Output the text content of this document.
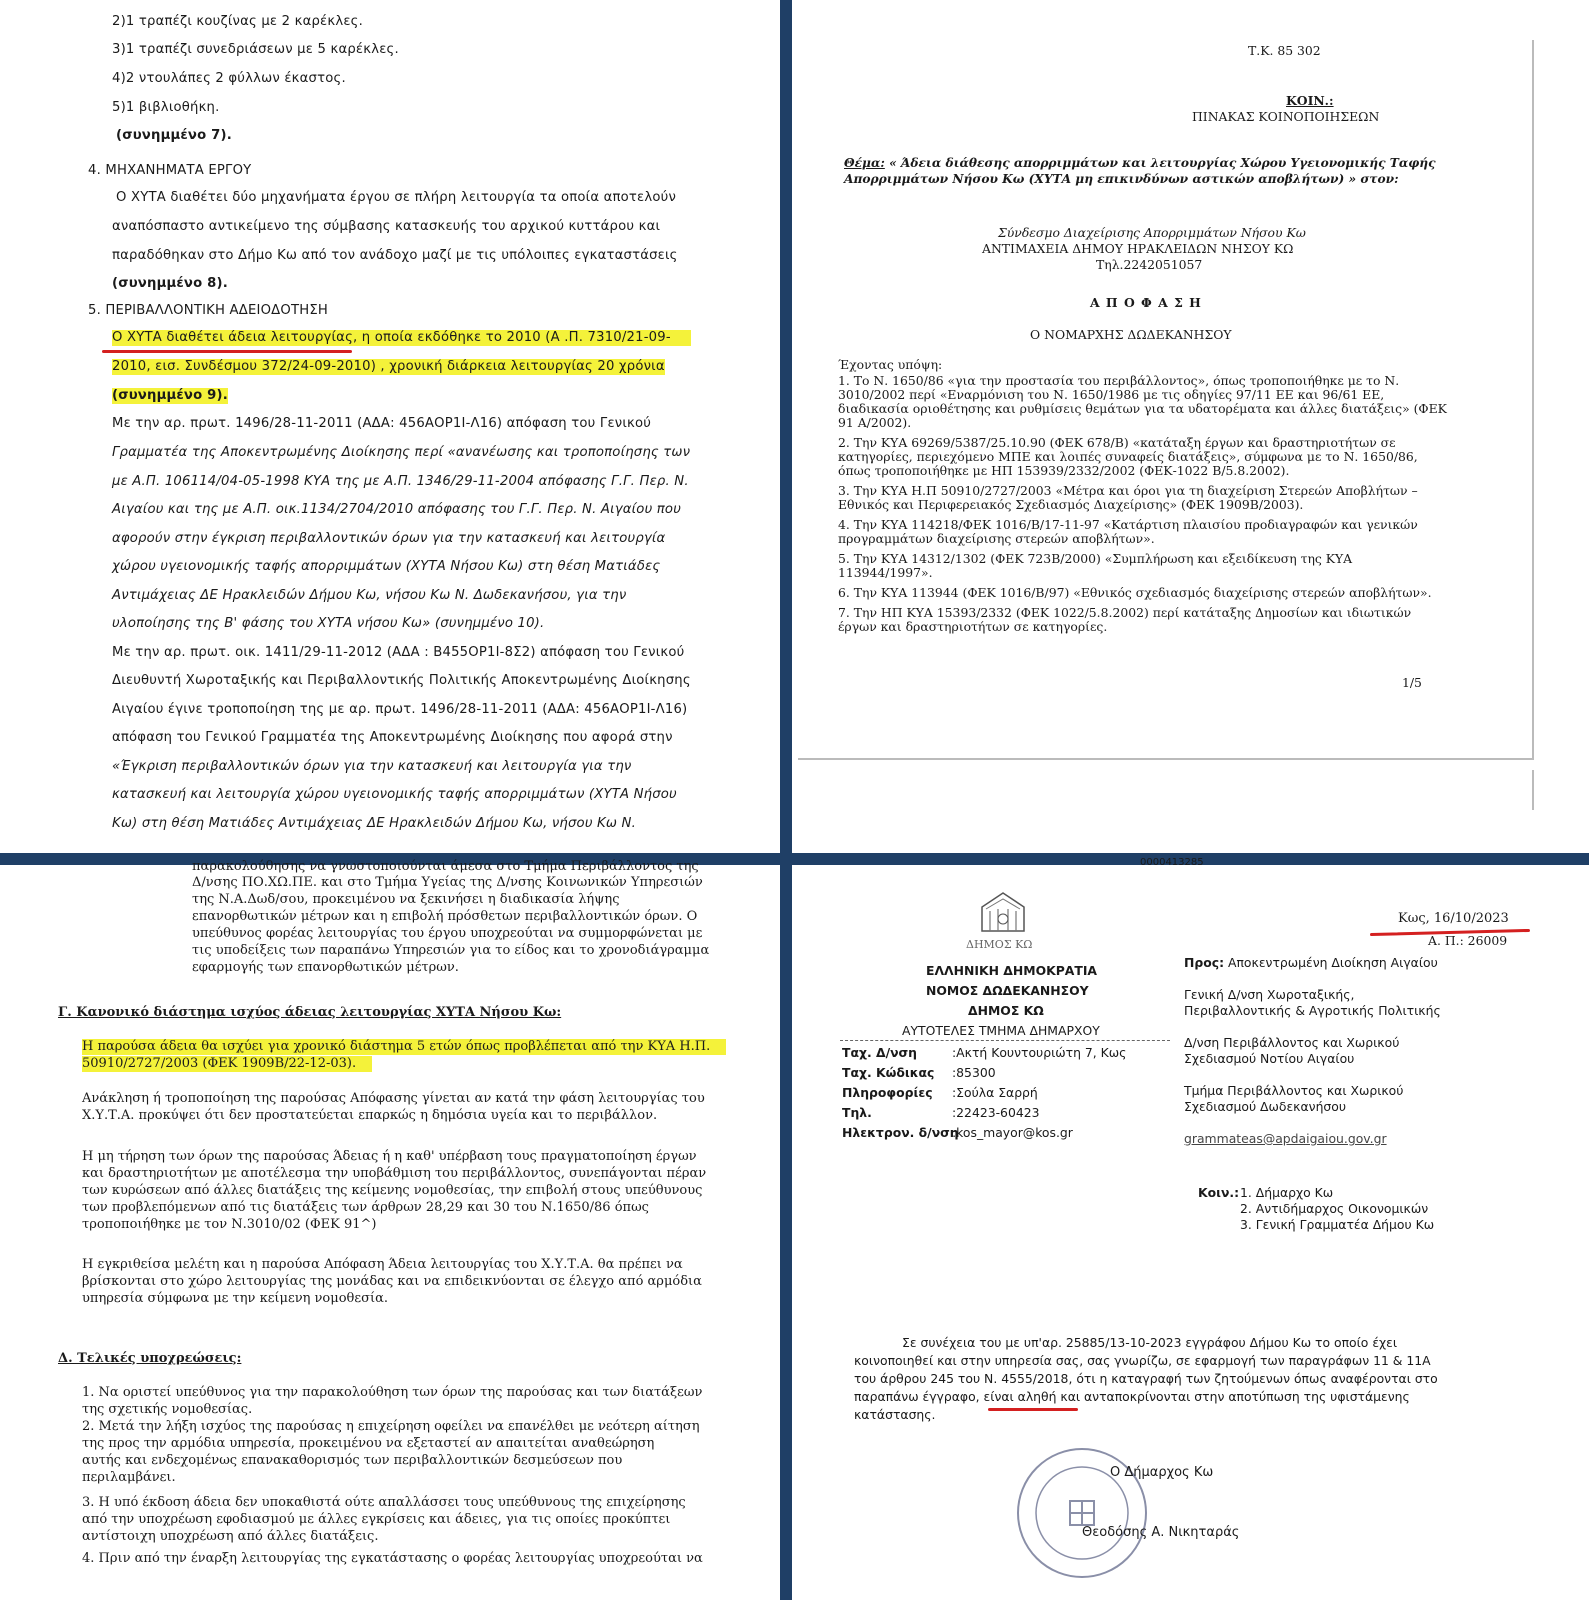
2)1 τραπέζι κουζίνας με 2 καρέκλες.
3)1 τραπέζι συνεδριάσεων με 5 καρέκλες.
4)2 ντουλάπες 2 φύλλων έκαστος.
5)1 βιβλιοθήκη.
(συνημμένο 7).
4. ΜΗΧΑΝΗΜΑΤΑ ΕΡΓΟΥ
Ο ΧΥΤΑ διαθέτει δύο μηχανήματα έργου σε πλήρη λειτουργία τα οποία αποτελούν
αναπόσπαστο αντικείμενο της σύμβασης κατασκευής του αρχικού κυττάρου και
παραδόθηκαν στο Δήμο Κω από τον ανάδοχο μαζί με τις υπόλοιπες εγκαταστάσεις
(συνημμένο 8).
5. ΠΕΡΙΒΑΛΛΟΝΤΙΚΗ ΑΔΕΙΟΔΟΤΗΣΗ
Ο ΧΥΤΑ διαθέτει άδεια λειτουργίας, η οποία εκδόθηκε το 2010 (Α .Π. 7310/21-09-
2010, εισ. Συνδέσμου 372/24-09-2010) , χρονική διάρκεια λειτουργίας 20 χρόνια
(συνημμένο 9).
Με την αρ. πρωτ. 1496/28-11-2011 (ΑΔΑ: 456ΑΟΡ1Ι-Λ16) απόφαση του Γενικού
Γραμματέα της Αποκεντρωμένης Διοίκησης περί «ανανέωσης και τροποποίησης των
με Α.Π. 106114/04-05-1998 ΚΥΑ της με Α.Π. 1346/29-11-2004 απόφασης Γ.Γ. Περ. Ν.
Αιγαίου και της με Α.Π. οικ.1134/2704/2010 απόφασης του Γ.Γ. Περ. Ν. Αιγαίου που
αφορούν στην έγκριση περιβαλλοντικών όρων για την κατασκευή και λειτουργία
χώρου υγειονομικής ταφής απορριμμάτων (ΧΥΤΑ Νήσου Κω) στη θέση Ματιάδες
Αντιμάχειας ΔΕ Ηρακλειδών Δήμου Κω, νήσου Κω Ν. Δωδεκανήσου, για την
υλοποίησης της Β' φάσης του ΧΥΤΑ νήσου Κω» (συνημμένο 10).
Με την αρ. πρωτ. οικ. 1411/29-11-2012 (ΑΔΑ : Β455ΟΡ1Ι-8Σ2) απόφαση του Γενικού
Διευθυντή Χωροταξικής και Περιβαλλοντικής Πολιτικής Αποκεντρωμένης Διοίκησης
Αιγαίου έγινε τροποποίηση της με αρ. πρωτ. 1496/28-11-2011 (ΑΔΑ: 456ΑΟΡ1Ι-Λ16)
απόφαση του Γενικού Γραμματέα της Αποκεντρωμένης Διοίκησης που αφορά στην
«Έγκριση περιβαλλοντικών όρων για την κατασκευή και λειτουργία για την
κατασκευή και λειτουργία χώρου υγειονομικής ταφής απορριμμάτων (ΧΥΤΑ Νήσου
Κω) στη θέση Ματιάδες Αντιμάχειας ΔΕ Ηρακλειδών Δήμου Κω, νήσου Κω Ν.
Τ.Κ. 85 302
ΚΟΙΝ.:
ΠΙΝΑΚΑΣ ΚΟΙΝΟΠΟΙΗΣΕΩΝ
Θέμα: « Άδεια διάθεσης απορριμμάτων και λειτουργίας Χώρου Υγειονομικής Ταφής
Απορριμμάτων Νήσου Κω (ΧΥΤΑ μη επικινδύνων αστικών αποβλήτων) » στον:
Σύνδεσμο Διαχείρισης Απορριμμάτων Νήσου Κω
ΑΝΤΙΜΑΧΕΙΑ ΔΗΜΟΥ ΗΡΑΚΛΕΙΔΩΝ ΝΗΣΟΥ ΚΩ
Τηλ.2242051057
Α Π Ο Φ Α Σ Η
Ο ΝΟΜΑΡΧΗΣ ΔΩΔΕΚΑΝΗΣΟΥ
Έχοντας υπόψη:
1. Το Ν. 1650/86 «για την προστασία του περιβάλλοντος», όπως τροποποιήθηκε με το Ν.
3010/2002 περί «Εναρμόνιση του Ν. 1650/1986 με τις οδηγίες 97/11 ΕΕ και 96/61 ΕΕ,
διαδικασία οριοθέτησης και ρυθμίσεις θεμάτων για τα υδατορέματα και άλλες διατάξεις» (ΦΕΚ
91 Α/2002).
2. Την ΚΥΑ 69269/5387/25.10.90 (ΦΕΚ 678/Β) «κατάταξη έργων και δραστηριοτήτων σε
κατηγορίες, περιεχόμενο ΜΠΕ και λοιπές συναφείς διατάξεις», σύμφωνα με το Ν. 1650/86,
όπως τροποποιήθηκε με ΗΠ 153939/2332/2002 (ΦΕΚ-1022 Β/5.8.2002).
3. Την ΚΥΑ Η.Π 50910/2727/2003 «Μέτρα και όροι για τη διαχείριση Στερεών Αποβλήτων –
Εθνικός και Περιφερειακός Σχεδιασμός Διαχείρισης» (ΦΕΚ 1909Β/2003).
4. Την ΚΥΑ 114218/ΦΕΚ 1016/Β/17-11-97 «Κατάρτιση πλαισίου προδιαγραφών και γενικών
προγραμμάτων διαχείρισης στερεών αποβλήτων».
5. Την ΚΥΑ 14312/1302 (ΦΕΚ 723Β/2000) «Συμπλήρωση και εξειδίκευση της ΚΥΑ
113944/1997».
6. Την ΚΥΑ 113944 (ΦΕΚ 1016/Β/97) «Εθνικός σχεδιασμός διαχείρισης στερεών αποβλήτων».
7. Την ΗΠ ΚΥΑ 15393/2332 (ΦΕΚ 1022/5.8.2002) περί κατάταξης Δημοσίων και ιδιωτικών
έργων και δραστηριοτήτων σε κατηγορίες.
1/5
παρακολούθησης να γνωστοποιούνται άμεσα στο Τμήμα Περιβάλλοντος της
Δ/νσης ΠΟ.ΧΩ.ΠΕ. και στο Τμήμα Υγείας της Δ/νσης Κοινωνικών Υπηρεσιών
της Ν.Α.Δωδ/σου, προκειμένου να ξεκινήσει η διαδικασία λήψης
επανορθωτικών μέτρων και η επιβολή πρόσθετων περιβαλλοντικών όρων. Ο
υπεύθυνος φορέας λειτουργίας του έργου υποχρεούται να συμμορφώνεται με
τις υποδείξεις των παραπάνω Υπηρεσιών για το είδος και το χρονοδιάγραμμα
εφαρμογής των επανορθωτικών μέτρων.
Γ. Κανονικό διάστημα ισχύος άδειας λειτουργίας ΧΥΤΑ Νήσου Κω:
Η παρούσα άδεια θα ισχύει για χρονικό διάστημα 5 ετών όπως προβλέπεται από την ΚΥΑ Η.Π.
50910/2727/2003 (ΦΕΚ 1909Β/22-12-03).
Ανάκληση ή τροποποίηση της παρούσας Απόφασης γίνεται αν κατά την φάση λειτουργίας του
Χ.Υ.Τ.Α. προκύψει ότι δεν προστατεύεται επαρκώς η δημόσια υγεία και το περιβάλλον.
Η μη τήρηση των όρων της παρούσας Άδειας ή η καθ' υπέρβαση τους πραγματοποίηση έργων
και δραστηριοτήτων με αποτέλεσμα την υποβάθμιση του περιβάλλοντος, συνεπάγονται πέραν
των κυρώσεων από άλλες διατάξεις της κείμενης νομοθεσίας, την επιβολή στους υπεύθυνους
των προβλεπόμενων από τις διατάξεις των άρθρων 28,29 και 30 του Ν.1650/86 όπως
τροποποιήθηκε με τον Ν.3010/02 (ΦΕΚ 91^)
Η εγκριθείσα μελέτη και η παρούσα Απόφαση Άδεια λειτουργίας του Χ.Υ.Τ.Α. θα πρέπει να
βρίσκονται στο χώρο λειτουργίας της μονάδας και να επιδεικνύονται σε έλεγχο από αρμόδια
υπηρεσία σύμφωνα με την κείμενη νομοθεσία.
Δ. Τελικές υποχρεώσεις:
1. Να οριστεί υπεύθυνος για την παρακολούθηση των όρων της παρούσας και των διατάξεων
της σχετικής νομοθεσίας.
2. Μετά την λήξη ισχύος της παρούσας η επιχείρηση οφείλει να επανέλθει με νεότερη αίτηση
της προς την αρμόδια υπηρεσία, προκειμένου να εξεταστεί αν απαιτείται αναθεώρηση
αυτής και ενδεχομένως επανακαθορισμός των περιβαλλοντικών δεσμεύσεων που
περιλαμβάνει.
3. Η υπό έκδοση άδεια δεν υποκαθιστά ούτε απαλλάσσει τους υπεύθυνους της επιχείρησης
από την υποχρέωση εφοδιασμού με άλλες εγκρίσεις και άδειες, για τις οποίες προκύπτει
αντίστοιχη υποχρέωση από άλλες διατάξεις.
4. Πριν από την έναρξη λειτουργίας της εγκατάστασης ο φορέας λειτουργίας υποχρεούται να
0000413285
ΔΗΜΟΣ ΚΩ
ΕΛΛΗΝΙΚΗ ΔΗΜΟΚΡΑΤΙΑ
ΝΟΜΟΣ ΔΩΔΕΚΑΝΗΣΟΥ
ΔΗΜΟΣ ΚΩ
ΑΥΤΟΤΕΛΕΣ ΤΜΗΜΑ ΔΗΜΑΡΧΟΥ
Ταχ. Δ/νση	:Ακτή Κουντουριώτη 7, Κως
Ταχ. Κώδικας :85300
Πληροφορίες :Σούλα Σαρρή
Τηλ.	:22423-60423
Ηλεκτρον. δ/νση
:kos_mayor@kos.gr
Κως, 16/10/2023
Α. Π.: 26009
Προς: Αποκεντρωμένη Διοίκηση Αιγαίου
Γενική Δ/νση Χωροταξικής,
Περιβαλλοντικής & Αγροτικής Πολιτικής
Δ/νση Περιβάλλοντος και Χωρικού
Σχεδιασμού Νοτίου Αιγαίου
Τμήμα Περιβάλλοντος και Χωρικού
Σχεδιασμού Δωδεκανήσου
grammateas@apdaigaiou.gov.gr
Κοιν.: 1. Δήμαρχο Κω
2. Αντιδήμαρχος Οικονομικών
3. Γενική Γραμματέα Δήμου Κω
Σε συνέχεια του με υπ'αρ. 25885/13-10-2023 εγγράφου Δήμου Κω το οποίο έχει
κοινοποιηθεί και στην υπηρεσία σας, σας γνωρίζω, σε εφαρμογή των παραγράφων 11 & 11Α
του άρθρου 245 του Ν. 4555/2018, ότι η καταγραφή των ζητούμενων όπως αναφέρονται στο
παραπάνω έγγραφο, είναι αληθή και ανταποκρίνονται στην αποτύπωση της υφιστάμενης
κατάστασης.
Ο Δήμαρχος Κω
Θεοδόσης Α. Νικηταράς
